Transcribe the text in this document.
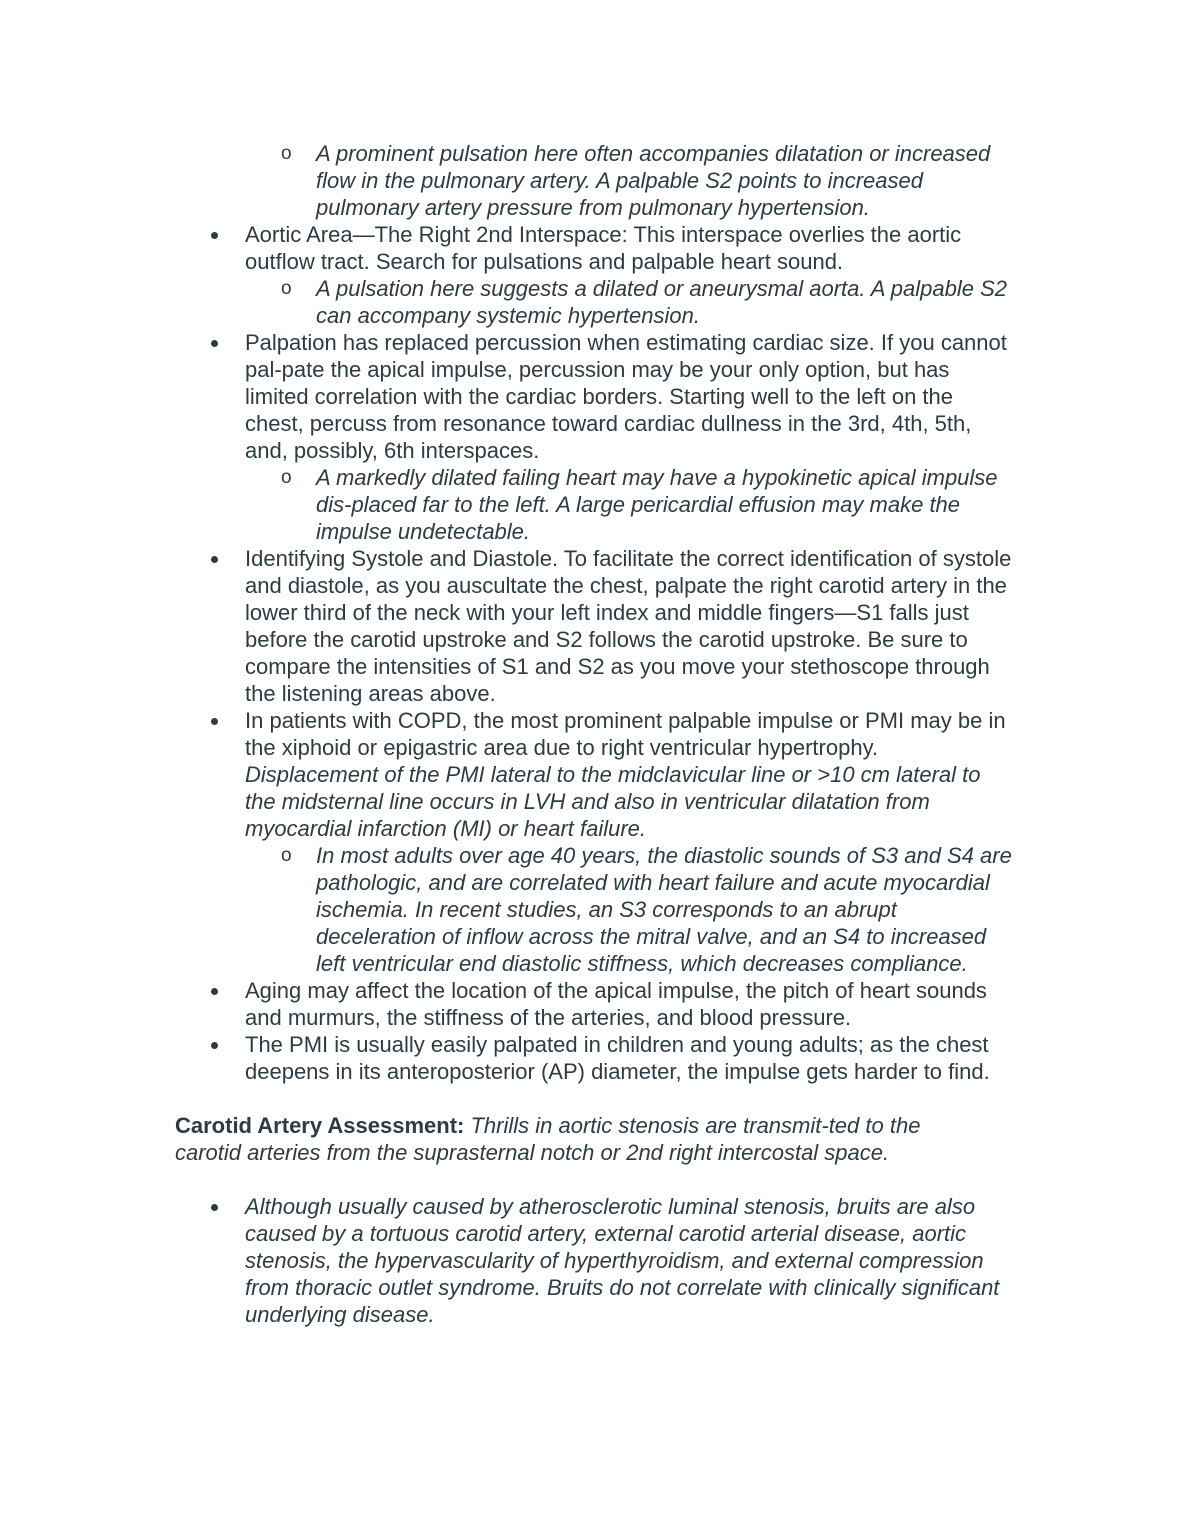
o A prominent pulsation here often accompanies dilatation or increased flow in the pulmonary artery. A palpable S2 points to increased pulmonary artery pressure from pulmonary hypertension.
Aortic Area—The Right 2nd Interspace: This interspace overlies the aortic outflow tract. Search for pulsations and palpable heart sound.
o A pulsation here suggests a dilated or aneurysmal aorta. A palpable S2 can accompany systemic hypertension.
Palpation has replaced percussion when estimating cardiac size. If you cannot pal-pate the apical impulse, percussion may be your only option, but has limited correlation with the cardiac borders. Starting well to the left on the chest, percuss from resonance toward cardiac dullness in the 3rd, 4th, 5th, and, possibly, 6th interspaces.
o A markedly dilated failing heart may have a hypokinetic apical impulse dis-placed far to the left. A large pericardial effusion may make the impulse undetectable.
Identifying Systole and Diastole. To facilitate the correct identification of systole and diastole, as you auscultate the chest, palpate the right carotid artery in the lower third of the neck with your left index and middle fingers—S1 falls just before the carotid upstroke and S2 follows the carotid upstroke. Be sure to compare the intensities of S1 and S2 as you move your stethoscope through the listening areas above.
In patients with COPD, the most prominent palpable impulse or PMI may be in the xiphoid or epigastric area due to right ventricular hypertrophy. Displacement of the PMI lateral to the midclavicular line or >10 cm lateral to the midsternal line occurs in LVH and also in ventricular dilatation from myocardial infarction (MI) or heart failure.
o In most adults over age 40 years, the diastolic sounds of S3 and S4 are pathologic, and are correlated with heart failure and acute myocardial ischemia. In recent studies, an S3 corresponds to an abrupt deceleration of inflow across the mitral valve, and an S4 to increased left ventricular end diastolic stiffness, which decreases compliance.
Aging may affect the location of the apical impulse, the pitch of heart sounds and murmurs, the stiffness of the arteries, and blood pressure.
The PMI is usually easily palpated in children and young adults; as the chest deepens in its anteroposterior (AP) diameter, the impulse gets harder to find.

Carotid Artery Assessment: Thrills in aortic stenosis are transmit-ted to the carotid arteries from the suprasternal notch or 2nd right intercostal space.

Although usually caused by atherosclerotic luminal stenosis, bruits are also caused by a tortuous carotid artery, external carotid arterial disease, aortic stenosis, the hypervascularity of hyperthyroidism, and external compression from thoracic outlet syndrome. Bruits do not correlate with clinically significant underlying disease.
